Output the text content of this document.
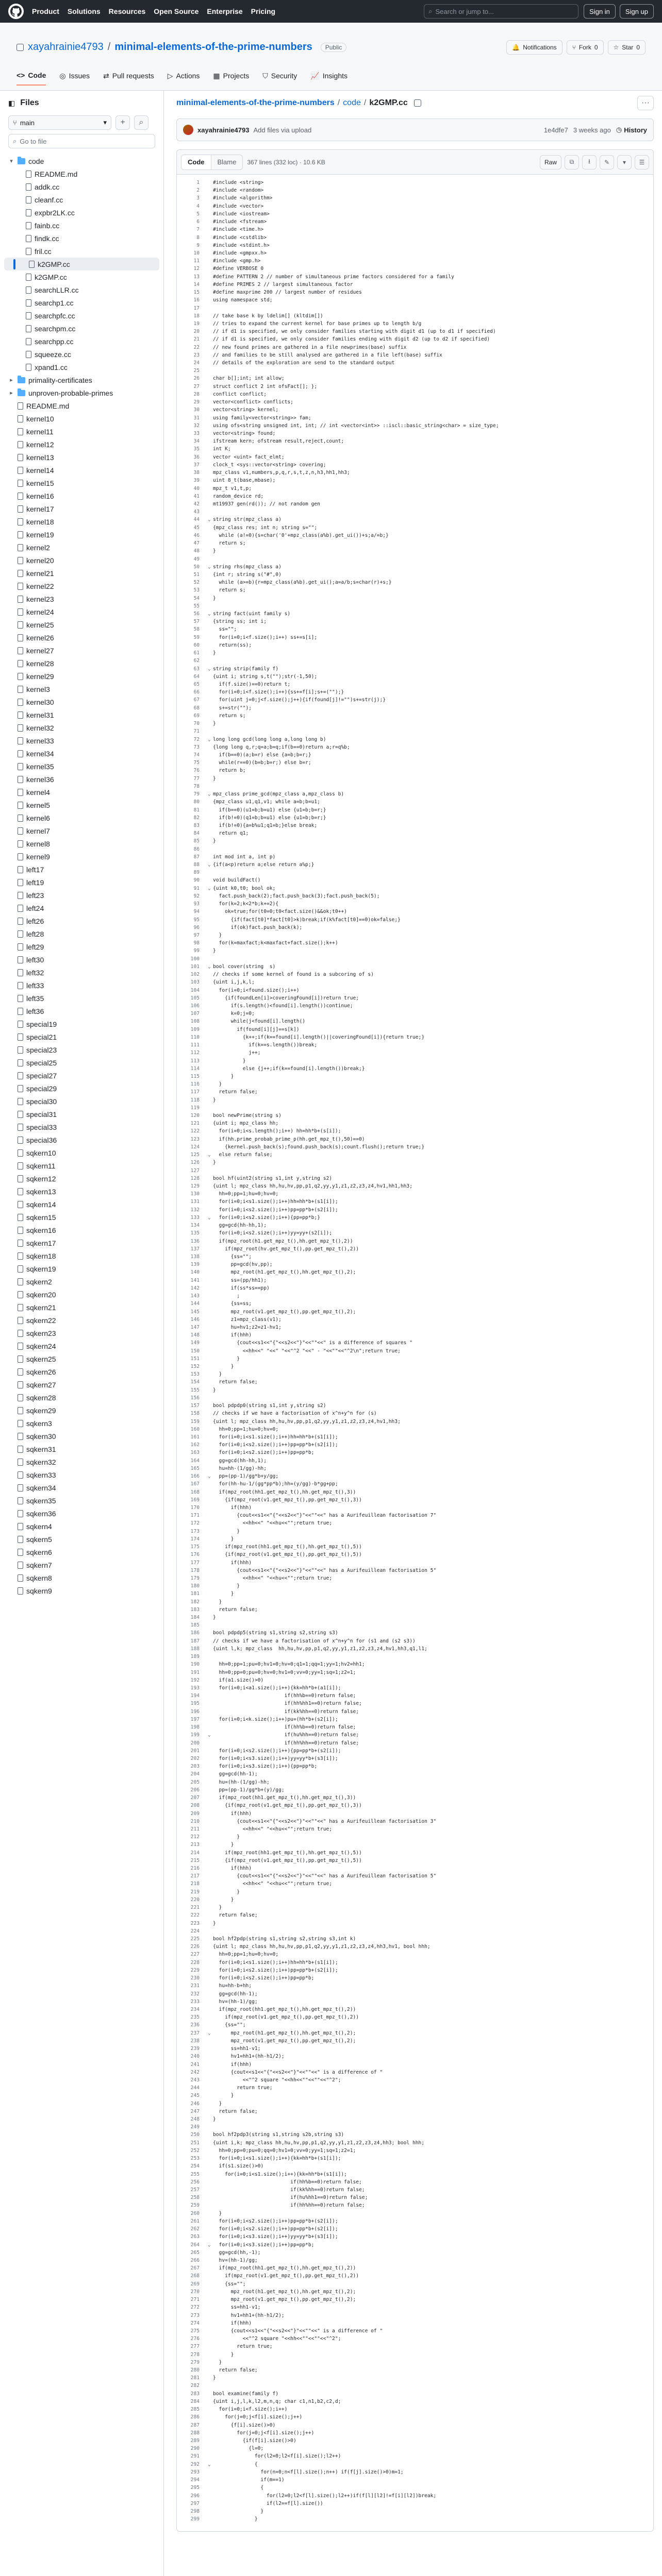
Product Solutions Resources Open Source Enterprise Pricing	⌕ Search or jump to...	Sign in	Sign up
xayahrainie4793 / minimal-elements-of-the-prime-numbers	Public	🔔 Notifications	⑂ Fork 0	☆ Star 0
<> Code ◎ Issues ⇄ Pull requests ▷ Actions ▦ Projects ⛉ Security 📈 Insights
◧ Files
⑂ main	▾	+	⌕
⌕ Go to file
▾ code
README.md
addk.cc
cleanf.cc
expbr2LK.cc
fainb.cc
findk.cc
fril.cc
k2GMP.cc
k2GMP.cc
searchLLR.cc
searchp1.cc
searchpfc.cc
searchpm.cc
searchpp.cc
squeeze.cc
xpand1.cc
▸ primality-certificates
▸ unproven-probable-primes
README.md
kernel10
kernel11
kernel12
kernel13
kernel14
kernel15
kernel16
kernel17
kernel18
kernel19
kernel2
kernel20
kernel21
kernel22
kernel23
kernel24
kernel25
kernel26
kernel27
kernel28
kernel29
kernel3
kernel30
kernel31
kernel32
kernel33
kernel34
kernel35
kernel36
kernel4
kernel5
kernel6
kernel7
kernel8
kernel9
left17
left19
left23
left24
left26
left28
left29
left30
left32
left33
left35
left36
special19
special21
special23
special25
special27
special29
special30
special31
special33
special36
sqkern10
sqkern11
sqkern12
sqkern13
sqkern14
sqkern15
sqkern16
sqkern17
sqkern18
sqkern19
sqkern2
sqkern20
sqkern21
sqkern22
sqkern23
sqkern24
sqkern25
sqkern26
sqkern27
sqkern28
sqkern29
sqkern3
sqkern30
sqkern31
sqkern32
sqkern33
sqkern34
sqkern35
sqkern36
sqkern4
sqkern5
sqkern6
sqkern7
sqkern8
sqkern9
minimal-elements-of-the-prime-numbers / code / k2GMP.cc	···
xayahrainie4793 Add files via upload	1e4dfe7 3 weeks ago ◷ History
Code	Blame	367 lines (332 loc) · 10.6 KB	Raw	⧉	⭳	✎	▾	☰
1	#include <string>
2	#include <random>
3	#include <algorithm>
4	#include <vector>
5	#include <iostream>
6	#include <fstream>
7	#include <time.h>
8	#include <cstdlib>
9	#include <stdint.h>
10	#include <gmpxx.h>
11	#include <gmp.h>
12	#define VERBOSE 0
13	#define PATTERN 2 // number of simultaneous prime factors considered for a family
14	#define PRIMES 2 // largest simultaneous factor
15	#define maxprime 200 // largest number of residues
16	using namespace std;
17
18	// take base k by ldelim[] (kltdim[])
19	// tries to expand the current kernel for base primes up to length b/g
20	// if d1 is specified, we only consider families starting with digit d1 (up to d1 if specified)
21	// if d1 is specified, we only consider families ending with digit d2 (up to d2 if specified)
22	// new found primes are gathered in a file newprimes(base) suffix
23	// and families to be still analysed are gathered in a file left(base) suffix
24	// details of the exploration are send to the standard output
25
26	char b[];int; int allow;
27	struct conflict 2 int ofsFact[]; };
28	conflict conflict;
29	vector<conflict> conflicts;
30	vector<string> kernel;
31	using family<vector<string>> fam;
32	using ofs<string unsigned int, int; // int <vector<int>> ::iscl::basic_string<char> = size_type;
33	vector<string> found;
34	ifstream kern; ofstream result,reject,count;
35	int K;
36	vector <uint> fact_elmt;
37	clock_t <sys::vector<string> covering;
38	mpz_class v1,numbers,p,q,r,s,t,z,n,h3,hh1,hh3;
39	uint 8_t(base,mbase);
40	mpz_t v1,t,p;
41	random_device rd;
42	mt19937 gen(rd()); // not random gen
43
44	⌄ string str(mpz_class a)
45	{mpz_class res; int n; string s="";
46	while (a!=0){s=char('0'+mpz_class(a%b).get_ui())+s;a/=b;}
47	return s;
48	}
49
50	⌄ string rhs(mpz_class a)
51	{int r; string s("#",0)
52	while (a>=b){r=mpz_class(a%b).get_ui();a=a/b;s=char(r)+s;}
53	return s;
54	}
55
56	⌄ string fact(uint family s)
57	{string ss; int i;
58	ss="";
59	for(i=0;i<f.size();i++) ss+=s[i];
60	return(ss);
61	}
62
63	⌄ string strip(family f)
64	{uint i; string s,t("");str(-1,50);
65	if(f.size()==0)return t;
66	for(i=0;i<f.size();i++){ss+=f[i];s+=("");}
67	for(uint j=0;j<f.size();j++){if(found[j]!="")s+=str(j);}
68	s+=str("");
69	return s;
70	}
71
72	⌄ long long gcd(long long a,long long b)
73	{long long q,r;q=a;b=q;if(b==0)return a;r=q%b;
74	if(b==0)(a;b=r) else {a=b;b=r;}
75	while(r==0)(b=b;b=r;) else b=r;
76	return b;
77	}
78
79	⌄ mpz_class prime_gcd(mpz_class a,mpz_class b)
80	{mpz_class u1,q1,v1; while a=b;b=u1;
81	if(b==0)(u1=b;b=u1) else {u1=b;b=r;}
82	if(b!=0)(q1=b;b=u1) else {u1=b;b=r;}
83	if(b!=0){a=b%u1;q1=b;}else break;
84	return q1;
85	}
86
87	int mod int a, int p)
88	⌄ {if(a<p)return a;else return a%p;}
89
90	void buildFact()
91	⌄ {uint k0,t0; bool ok;
92	fact.push_back(2);fact.push_back(3);fact.push_back(5);
93	for(k=2;k<2*b;k+=2){
94	ok=true;for(t0=0;t0<fact.size()&&ok;t0++)
95	{if(fact[t0]*fact[t0]>k)break;if(k%fact[t0]==0)ok=false;}
96	if(ok)fact.push_back(k);
97	}
98	for(k=maxfact;k<maxfact+fact.size();k++)
99	}
100
101	⌄ bool cover(string  s)
102	// checks if some kernel of found is a subcoring of s)
103	{uint i,j,k,l;
104	for(i=0;i<found.size();i++)
105	{if(foundLen[i]>coveringFound[i])return true;
106	if(s.length()<found[i].length())continue;
107	k=0;j=0;
108	while(j<found[i].length()
109	if(found[i][j]==s[k])
110	{k++;if(k==found[i].length()||coveringFound[i]){return true;}
111	if(k==s.length())break;
112	j++;
113	}
114	else {j++;if(k==found[i].length())break;}
115	}
116	}
117	return false;
118	}
119
120	bool newPrime(string s)
121	{uint i; mpz_class hh;
122	for(i=0;i<s.length();i++) hh=hh*b+(s[i]);
123	if(hh.prime_probab_prime_p(hh.get_mpz_t(),50)==0)
124	{kernel.push_back(s);found.push_back(s);count.flush();return true;}
125	⌄ else return false;
126	}
127
128	bool hf(uint2(string s1,int y,string s2)
129	{uint l; mpz_class hh,hu,hv,pp,p1,q2,yy,y1,z1,z2,z3,z4,hv1,hh1,hh3;
130	hh=0;pp=1;hu=0;hv=0;
131	for(i=0;i<s1.size();i++)hh=hh*b+(s1[i]);
132	for(i=0;i<s2.size();i++)pp=pp*b+(s2[i]);
133	⌄ for(i=0;i<s2.size();i++){pp=pp*b;}
134	gg=gcd(hh-hh,1);
135	for(i=0;i<s2.size();i++)yy=yy+(s2[i]);
136	if(mpz_root(h1.get_mpz_t(),hh.get_mpz_t(),2))
137	if(mpz_root(hv.get_mpz_t(),pp.get_mpz_t(),2))
138	{ss="";
139	pp=gcd(hv,pp);
140	mpz_root(h1.get_mpz_t(),hh.get_mpz_t(),2);
141	ss=(pp/hh1);
142	if(ss*ss==pp)
143	;
144	{ss=ss;
145	mpz_root(v1.get_mpz_t(),pp.get_mpz_t(),2);
146	z1=mpz_class(v1);
147	hu=hv1;z2=z1-hv1;
148	if(hhh)
149	{cout<<s1<<"{"<<s2<<"}"<<""<<" is a difference of squares "
150	<<hh<<" "<<" "<<"^2 "<<" - "<<""<<"^2\n";return true;
151	}
152	}
153	}
154	return false;
155	}
156
157	bool pdpdp0(string s1,int y,string s2)
158	// checks if we have a factorisation of x^n+y^n for (s)
159	{uint l; mpz_class hh,hu,hv,pp,p1,q2,yy,y1,z1,z2,z3,z4,hv1,hh3;
160	hh=0;pp=1;hu=0;hv=0;
161	for(i=0;i<s1.size();i++)hh=hh*b+(s1[i]);
162	for(i=0;i<s2.size();i++)pp=pp*b+(s2[i]);
163	for(i=0;i<s2.size();i++)pp=pp*b;
164	gg=gcd(hh-hh,1);
165	hu=hh-(1/gg)-hh;
166	⌄ pp=(pp-1)/gg*b+y/gg;
167	for(hh-hu-1/(gg*pp*b);hh=(y/gg)-b*gg+pp;
168	if(mpz_root(hh1.get_mpz_t(),hh.get_mpz_t(),3))
169	{if(mpz_root(v1.get_mpz_t(),pp.get_mpz_t(),3))
170	if(hhh)
171	{cout<<s1<<"{"<<s2<<"}"<<""<<" has a Aurifeuillean factorisation 7"
172	<<hh<<" "<<hu<<"";return true;
173	}
174	}
175	if(mpz_root(hh1.get_mpz_t(),hh.get_mpz_t(),5))
176	{if(mpz_root(v1.get_mpz_t(),pp.get_mpz_t(),5))
177	if(hhh)
178	{cout<<s1<<"{"<<s2<<"}"<<""<<" has a Aurifeuillean factorisation 5"
179	<<hh<<" "<<hu<<"";return true;
180	}
181	}
182	}
183	return false;
184	}
185
186	bool pdpdp5(string s1,string s2,string s3)
187	// checks if we have a factorisation of x^n+y^n for (s1 and (s2 s3))
188	{uint l,k; mpz_class  hh,hu,hv,pp,p1,q2,yy,y1,z1,z2,z3,z4,hv1,hh3,q1,l1;
189
190	hh=0;pp=1;pu=0;hv1=0;hv=0;q1=1;qq=1;yy=1;hv2=hh1;
191	hh=0;pp=0;pu=0;hv=0;hv1=0;vv=0;yy=1;sq=1;z2=1;
192	if(a1.size()>0)
193	for(i=0;i<a1.size();i++){kk=hh*b+(a1[i]);
194	if(hh%b==0)return false;
195	if(hh%hh1==0)return false;
196	if(kk%hh==0)return false;
197	for(i=0;i<k.size();i++)pu=(hh*b+(s2[i]);
198	if(hh%b==0)return false;
199	⌄ if(hu%hh==0)return false;
200	if(hh%hh==0)return false;
201	for(i=0;i<s2.size();i++){pp=pp*b+(s2[i]);
202	for(i=0;i<s3.size();i++)yy=yy*b+(s3[i]);
203	for(i=0;i<s3.size();i++){pp=pp*b;
204	gg=gcd(hh-1);
205	hu=(hh-(1/gg)-hh;
206	pp=(pp-1)/gg*b+(y)/gg;
207	if(mpz_root(hh1.get_mpz_t(),hh.get_mpz_t(),3))
208	{if(mpz_root(v1.get_mpz_t(),pp.get_mpz_t(),3))
209	if(hhh)
210	{cout<<s1<<"{"<<s2<<"}"<<""<<" has a Aurifeuillean factorisation 3"
211	<<hh<<" "<<hu<<"";return true;
212	}
213	}
214	if(mpz_root(hh1.get_mpz_t(),hh.get_mpz_t(),5))
215	{if(mpz_root(v1.get_mpz_t(),pp.get_mpz_t(),5))
216	if(hhh)
217	{cout<<s1<<"{"<<s2<<"}"<<""<<" has a Aurifeuillean factorisation 5"
218	<<hh<<" "<<hu<<"";return true;
219	}
220	}
221	}
222	return false;
223	}
224
225	bool hf2pdp(string s1,string s2,string s3,int k)
226	{uint l; mpz_class hh,hu,hv,pp,p1,q2,yy,y1,z1,z2,z3,z4,hh3,hv1, bool hhh;
227	hh=0;pp=1;hu=0;hv=0;
228	for(i=0;i<s1.size();i++)hh=hh*b+(s1[i]);
229	for(i=0;i<s2.size();i++)pp=pp*b+(s2[i]);
230	for(i=0;i<s2.size();i++)pp=pp*b;
231	hu=hh-b+hh;
232	gg=gcd(hh-1);
233	hv=(hh-1)/gg;
234	if(mpz_root(hh1.get_mpz_t(),hh.get_mpz_t(),2))
235	if(mpz_root(v1.get_mpz_t(),pp.get_mpz_t(),2))
236	{ss="";
237	⌄ mpz_root(h1.get_mpz_t(),hh.get_mpz_t(),2);
238	mpz_root(v1.get_mpz_t(),pp.get_mpz_t(),2);
239	ss=hh1-v1;
240	hv1=hh1+(hh-h1/2);
241	if(hhh)
242	{cout<<s1<<"{"<<s2<<"}"<<""<<" is a difference of "
243	<<"^2 square "<<hh<<""<<""<<"^2";
244	return true;
245	}
246	}
247	return false;
248	}
249
250	bool hf2pdp3(string s1,string s2b,string s3)
251	{uint i,k; mpz_class hh,hu,hv,pp,p1,q2,yy,y1,z1,z2,z3,z4,hh3; bool hhh;
252	hh=0;pp=0;pu=0;qq=0;hv1=0;vv=0;yy=1;sq=1;z2=1;
253	for(i=0;i<s1.size();i++){kk=hh*b+(s1[i]);
254	if(s1.size()>0)
255	for(i=0;i<s1.size();i++){kk=hh*b+(s1[i]);
256	if(hh%b==0)return false;
257	if(kk%hh==0)return false;
258	if(hu%hh1==0)return false;
259	if(hh%hh==0)return false;
260	}
261	for(i=0;i<s2.size();i++)pp=pp*b+(s2[i]);
262	for(i=0;i<s2.size();i++)pp=pp*b+(s2[i]);
263	for(i=0;i<s3.size();i++)yy=yy*b+(s3[i]);
264	⌄ for(i=0;i<s3.size();i++)pp=pp*b;
265	gg=gcd(hh,-1);
266	hv=(hh-1)/gg;
267	if(mpz_root(hh1.get_mpz_t(),hh.get_mpz_t(),2))
268	if(mpz_root(v1.get_mpz_t(),pp.get_mpz_t(),2))
269	{ss="";
270	mpz_root(h1.get_mpz_t(),hh.get_mpz_t(),2);
271	mpz_root(v1.get_mpz_t(),pp.get_mpz_t(),2);
272	ss=hh1-v1;
273	hv1=hh1+(hh-h1/2);
274	if(hhh)
275	{cout<<s1<<"{"<<s2<<"}"<<""<<" is a difference of "
276	<<"^2 square "<<hh<<""<<""<<"^2";
277	return true;
278	}
279	}
280	return false;
281	}
282
283	bool examine(family f)
284	{uint i,j,l,k,l2,m,n,q; char c1,n1,b2,c2,d;
285	for(i=0;i<f.size();i++)
286	for(j=0;j<f[i].size();j++)
287	{f[i].size()>0)
288	for(j=0;j<f[i].size();j++)
289	{if(f[i].size()>0)
290	{l=0;
291	for(l2=0;l2<f[i].size();l2++)
292	⌄ {
293	for(n=0;n<f[l].size();n++) if(f[j].size()>0)m=1;
294	if(m==1)
295	{
296	for(l2=0;l2<f[l].size();l2++)if(f[l][l2]!=f[i][l2])break;
297	if(l2==f[l].size())
298	}
299	}
